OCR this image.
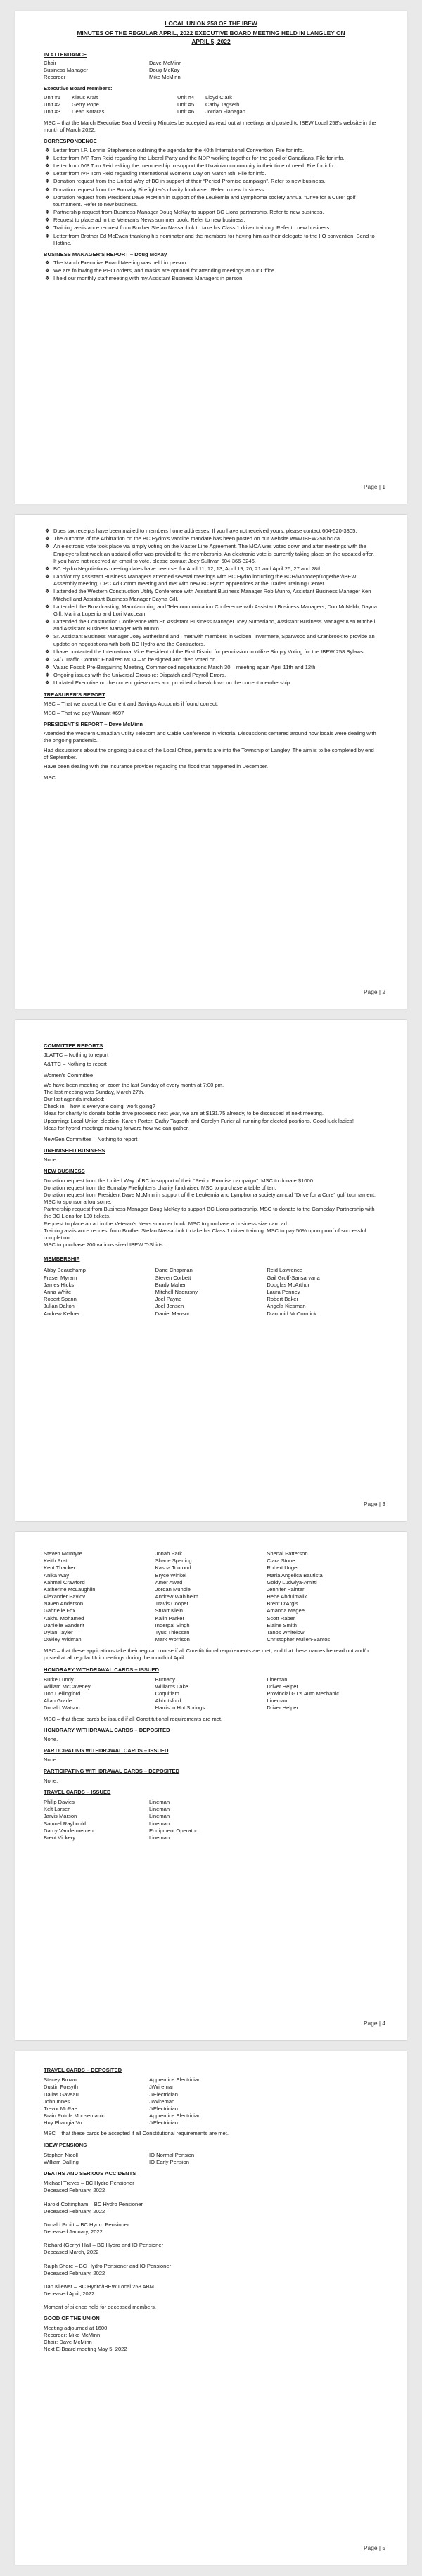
LOCAL UNION 258 OF THE IBEW
MINUTES OF THE REGULAR APRIL, 2022 EXECUTIVE BOARD MEETING HELD IN LANGLEY ON APRIL 5, 2022
IN ATTENDANCE
Chair	Dave McMinn
Business Manager	Doug McKay
Recorder	Mike McMinn
Executive Board Members:
Unit #1	Klaus Kraft	Unit #4	Lloyd Clark
Unit #2	Gerry Pope	Unit #5	Cathy Tagseth
Unit #3	Dean Kotaras	Unit #6	Jordan Flanagan

MSC – that the March Executive Board Meeting Minutes be accepted as read out at meetings and posted to IBEW Local 258's website in the month of March 2022.

CORRESPONDENCE
❖ Letter from I.P. Lonnie Stephenson outlining the agenda for the 40th International Convention. File for info.
❖ Letter from IVP Tom Reid regarding the Liberal Party and the NDP working together for the good of Canadians. File for info.
❖ Letter from IVP Tom Reid asking the membership to support the Ukrainian community in their time of need. File for info.
❖ Letter from IVP Tom Reid regarding International Women's Day on March 8th. File for info.
❖ Donation request from the United Way of BC in support of their “Period Promise campaign”. Refer to new business.
❖ Donation request from the Burnaby Firefighter's charity fundraiser. Refer to new business.
❖ Donation request from President Dave McMinn in support of the Leukemia and Lymphoma society annual “Drive for a Cure” golf tournament. Refer to new business.
❖ Partnership request from Business Manager Doug McKay to support BC Lions partnership. Refer to new business.
❖ Request to place ad in the Veteran's News summer book. Refer to new business.
❖ Training assistance request from Brother Stefan Nassachuk to take his Class 1 driver training. Refer to new business.
❖ Letter from Brother Ed McEwen thanking his nominator and the members for having him as their delegate to the I.O convention. Send to Hotline.
BUSINESS MANAGER'S REPORT – Doug McKay
❖ The March Executive Board Meeting was held in person.
❖ We are following the PHO orders, and masks are optional for attending meetings at our Office.
❖ I held our monthly staff meeting with my Assistant Business Managers in person.
Page | 1
❖ Dues tax receipts have been mailed to members home addresses. If you have not received yours, please contact 604-520-3305.
❖ The outcome of the Arbitration on the BC Hydro's vaccine mandate has been posted on our website www.IBEW258.bc.ca
❖ An electronic vote took place via simply voting on the Master Line Agreement. The MOA was voted down and after meetings with the Employers last week an updated offer was provided to the membership. An electronic vote is currently taking place on the updated offer. If you have not received an email to vote, please contact Joey Sullivan 604-366-3246.
❖ BC Hydro Negotiations meeting dates have been set for April 11, 12, 13, April 19, 20, 21 and April 26, 27 and 28th.
❖ I and/or my Assistant Business Managers attended several meetings with BC Hydro including the BCH/Monocep/Together/IBEW Assembly meeting, CPC Ad Comm meeting and met with new BC Hydro apprentices at the Trades Training Center.
❖ I attended the Western Construction Utility Conference with Assistant Business Manager Rob Munro, Assistant Business Manager Ken Mitchell and Assistant Business Manager Dayna Gill.
❖ I attended the Broadcasting, Manufacturing and Telecommunication Conference with Assistant Business Managers, Don McNabb, Dayna Gill, Marina Lupenio and Lori MacLean.
❖ I attended the Construction Conference with Sr. Assistant Business Manager Joey Sutherland, Assistant Business Manager Ken Mitchell and Assistant Business Manager Rob Munro.
❖ Sr. Assistant Business Manager Joey Sutherland and I met with members in Golden, Invermere, Sparwood and Cranbrook to provide an update on negotiations with both BC Hydro and the Contractors.
❖ I have contacted the International Vice President of the First District for permission to utilize Simply Voting for the IBEW 258 Bylaws.
❖ 24/7 Traffic Control: Finalized MOA – to be signed and then voted on.
❖ Valard Fossil: Pre-Bargaining Meeting, Commenced negotiations March 30 – meeting again April 11th and 12th.
❖ Ongoing issues with the Universal Group re: Dispatch and Payroll Errors.
❖ Updated Executive on the current grievances and provided a breakdown on the current membership.
TREASURER'S REPORT

MSC – That we accept the Current and Savings Accounts if found correct.

MSC – That we pay Warrant #697

PRESIDENT'S REPORT – Dave McMinn

Attended the Western Canadian Utility Telecom and Cable Conference in Victoria. Discussions centered around how locals were dealing with the ongoing pandemic.

Had discussions about the ongoing buildout of the Local Office, permits are into the Township of Langley. The aim is to be completed by end of September.

Have been dealing with the insurance provider regarding the flood that happened in December.

MSC

Page | 2
COMMITTEE REPORTS

JLATTC – Nothing to report

A&TTC – Nothing to report

Women's Committee

We have been meeting on zoom the last Sunday of every month at 7:00 pm.
The last meeting was Sunday, March 27th.
Our last agenda included:
Check in – how is everyone doing, work going?
Ideas for charity to donate bottle drive proceeds next year, we are at $131.75 already, to be discussed at next meeting.
Upcoming: Local Union election- Karen Porter, Cathy Tagseth and Carolyn Furier all running for elected positions. Good luck ladies!
Ideas for hybrid meetings moving forward how we can gather.

NewGen Committee – Nothing to report

UNFINISHED BUSINESS

None.

NEW BUSINESS
Donation request from the United Way of BC in support of their “Period Promise campaign”. MSC to donate $1000.
Donation request from the Burnaby Firefighter's charity fundraiser. MSC to purchase a table of ten.
Donation request from President Dave McMinn in support of the Leukemia and Lymphoma society annual “Drive for a Cure” golf tournament. MSC to sponsor a foursome.
Partnership request from Business Manager Doug McKay to support BC Lions partnership. MSC to donate to the Gameday Partnership with the BC Lions for 100 tickets.
Request to place an ad in the Veteran's News summer book. MSC to purchase a business size card ad.
Training assistance request from Brother Stefan Nassachuk to take his Class 1 driver training. MSC to pay 50% upon proof of successful completion.
MSC to purchase 200 various sized IBEW T-Shirts.
MEMBERSHIP
Abby Beauchamp	Dane Chapman	Reid Lawrence
Fraser Myram	Steven Corbett	Gail Groff-Sansarvaria
James Hicks	Brady Maher	Douglas McArthur
Anna White	Mitchell Nadrusny	Laura Penney
Robert Spann	Joel Payne	Robert Baker
Julian Dalton	Joel Jensen	Angela Kiesman
Andrew Kellner	Daniel Mansur	Diarmuid McCormick
Page | 3
Steven McIntyre	Jonah Park	Shenal Patterson
Keith Pratt	Shane Sperling	Ciara Stone
Kent Thacker	Kasha Tourond	Robert Unger
Anika Way	Bryce Winkel	Maria Angelica Bautista
Kahmal Crawford	Amer Awad	Goldy Ludwiya-Amitti
Katherine McLaughlin	Jordan Mundle	Jennifer Painter
Alexander Pavlov	Andrew Wahlheim	Hebe Abdulmalik
Naven Anderson	Travis Cooper	Brent D'Argis
Gabrielle Fox	Stuart Klein	Amanda Magee
Aakhu Mohamed	Kalin Parker	Scott Raber
Danielle Sanderit	Inderpal Singh	Elaine Smith
Dylan Tayler	Tyus Thiessen	Tanos Whitelow
Oakley Widman	Mark Worrison	Christopher Mullen-Santos

MSC – that these applications take their regular course if all Constitutional requirements are met, and that these names be read out and/or posted at all regular Unit meetings during the month of April.

HONORARY WITHDRAWAL CARDS – ISSUED
Burke Lundy	Burnaby	Lineman
William McCaveney	Williams Lake	Driver Helper
Don Dellingford	Coquitlam	Provincial GT's Auto Mechanic
Allan Grade	Abbotsford	Lineman
Donald Watson	Harrison Hot Springs	Driver Helper

MSC – that these cards be issued if all Constitutional requirements are met.

HONORARY WITHDRAWAL CARDS – DEPOSITED

None.

PARTICIPATING WITHDRAWAL CARDS – ISSUED

None.

PARTICIPATING WITHDRAWAL CARDS – DEPOSITED

None.

TRAVEL CARDS – ISSUED
Philip Davies	Lineman
Kelt Larsen	Lineman
Jarvis Marson	Lineman
Samuel Raybould	Lineman
Darcy Vandermeulen	Equipment Operator
Brent Vickery	Lineman
Page | 4
TRAVEL CARDS – DEPOSITED
Stacey Brown	Apprentice Electrician
Dustin Forsyth	J/Wireman
Dallas Gaveau	J/Electrician
John Innes	J/Wireman
Trevor McRae	J/Electrician
Brain Putola Moosemanic	Apprentice Electrician
Huy Phangia Vu	J/Electrician

MSC – that these cards be accepted if all Constitutional requirements are met.

IBEW PENSIONS
Stephen Nicoll	IO Normal Pension
William Dalling	IO Early Pension
DEATHS AND SERIOUS ACCIDENTS
Michael Treves – BC Hydro Pensioner
Deceased February, 2022
Harold Cottingham – BC Hydro Pensioner
Deceased February, 2022
Donald Pruitt – BC Hydro Pensioner
Deceased January, 2022
Richard (Gerry) Hall – BC Hydro and IO Pensioner
Deceased March, 2022
Ralph Shore – BC Hydro Pensioner and IO Pensioner
Deceased February, 2022
Dan Kliewer – BC Hydro/IBEW Local 258 ABM
Deceased April, 2022

Moment of silence held for deceased members.

GOOD OF THE UNION
Meeting adjourned at 1600
Recorder: Mike McMinn
Chair: Dave McMinn
Next E-Board meeting May 5, 2022
Page | 5
